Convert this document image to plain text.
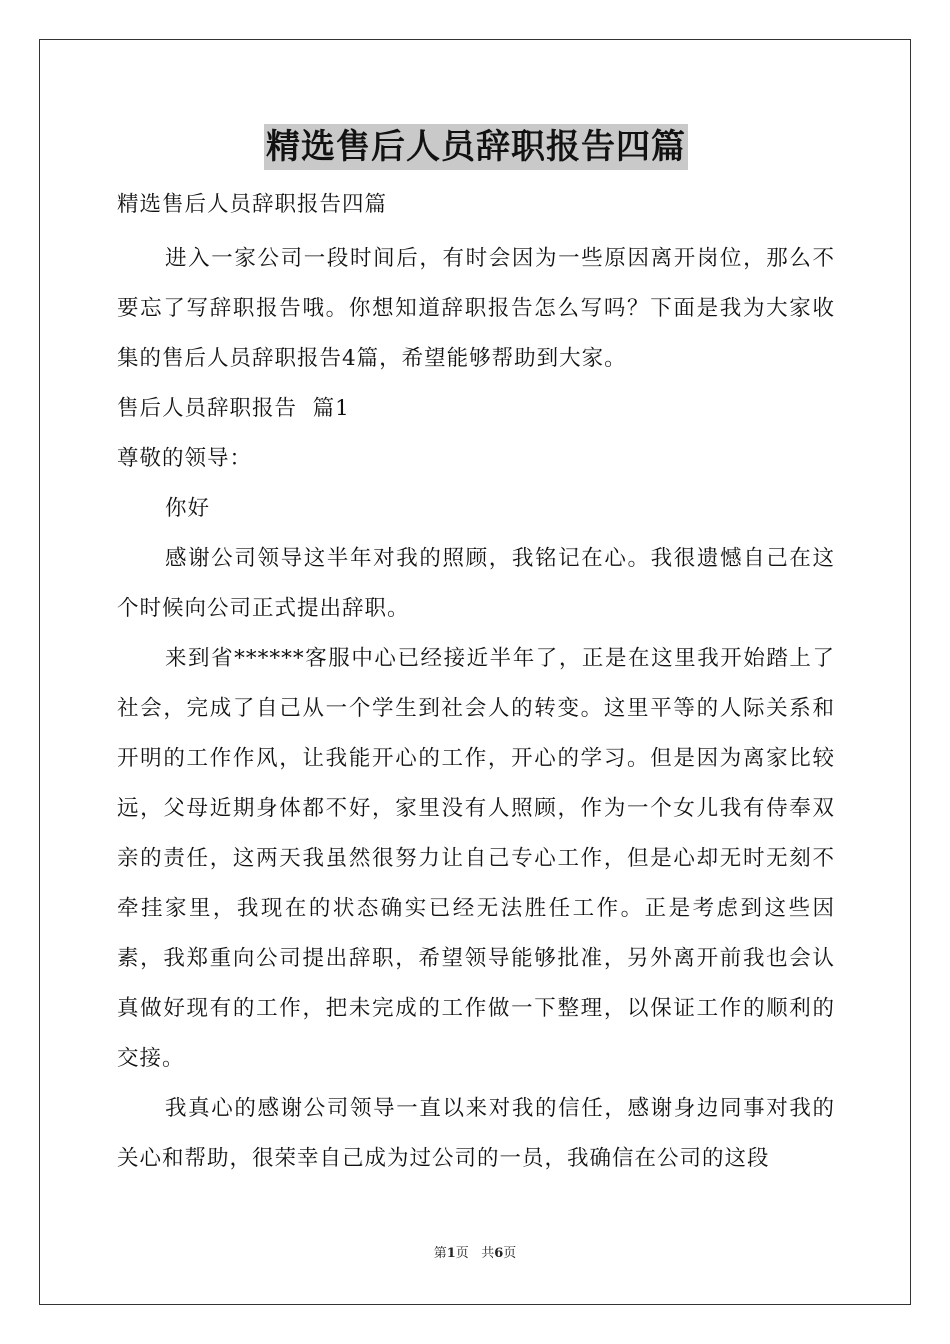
精选售后人员辞职报告四篇

精选售后人员辞职报告四篇

进入一家公司一段时间后，有时会因为一些原因离开岗位，那么不要忘了写辞职报告哦。你想知道辞职报告怎么写吗？下面是我为大家收集的售后人员辞职报告4篇，希望能够帮助到大家。

售后人员辞职报告  篇1

尊敬的领导：

你好

感谢公司领导这半年对我的照顾，我铭记在心。我很遗憾自己在这个时候向公司正式提出辞职。

来到省******客服中心已经接近半年了，正是在这里我开始踏上了社会，完成了自己从一个学生到社会人的转变。这里平等的人际关系和开明的工作作风，让我能开心的工作，开心的学习。但是因为离家比较远，父母近期身体都不好，家里没有人照顾，作为一个女儿我有侍奉双亲的责任，这两天我虽然很努力让自己专心工作，但是心却无时无刻不牵挂家里，我现在的状态确实已经无法胜任工作。正是考虑到这些因素，我郑重向公司提出辞职，希望领导能够批准，另外离开前我也会认真做好现有的工作，把未完成的工作做一下整理，以保证工作的顺利的交接。

我真心的感谢公司领导一直以来对我的信任，感谢身边同事对我的关心和帮助，很荣幸自己成为过公司的一员，我确信在公司的这段

第1页 共6页
